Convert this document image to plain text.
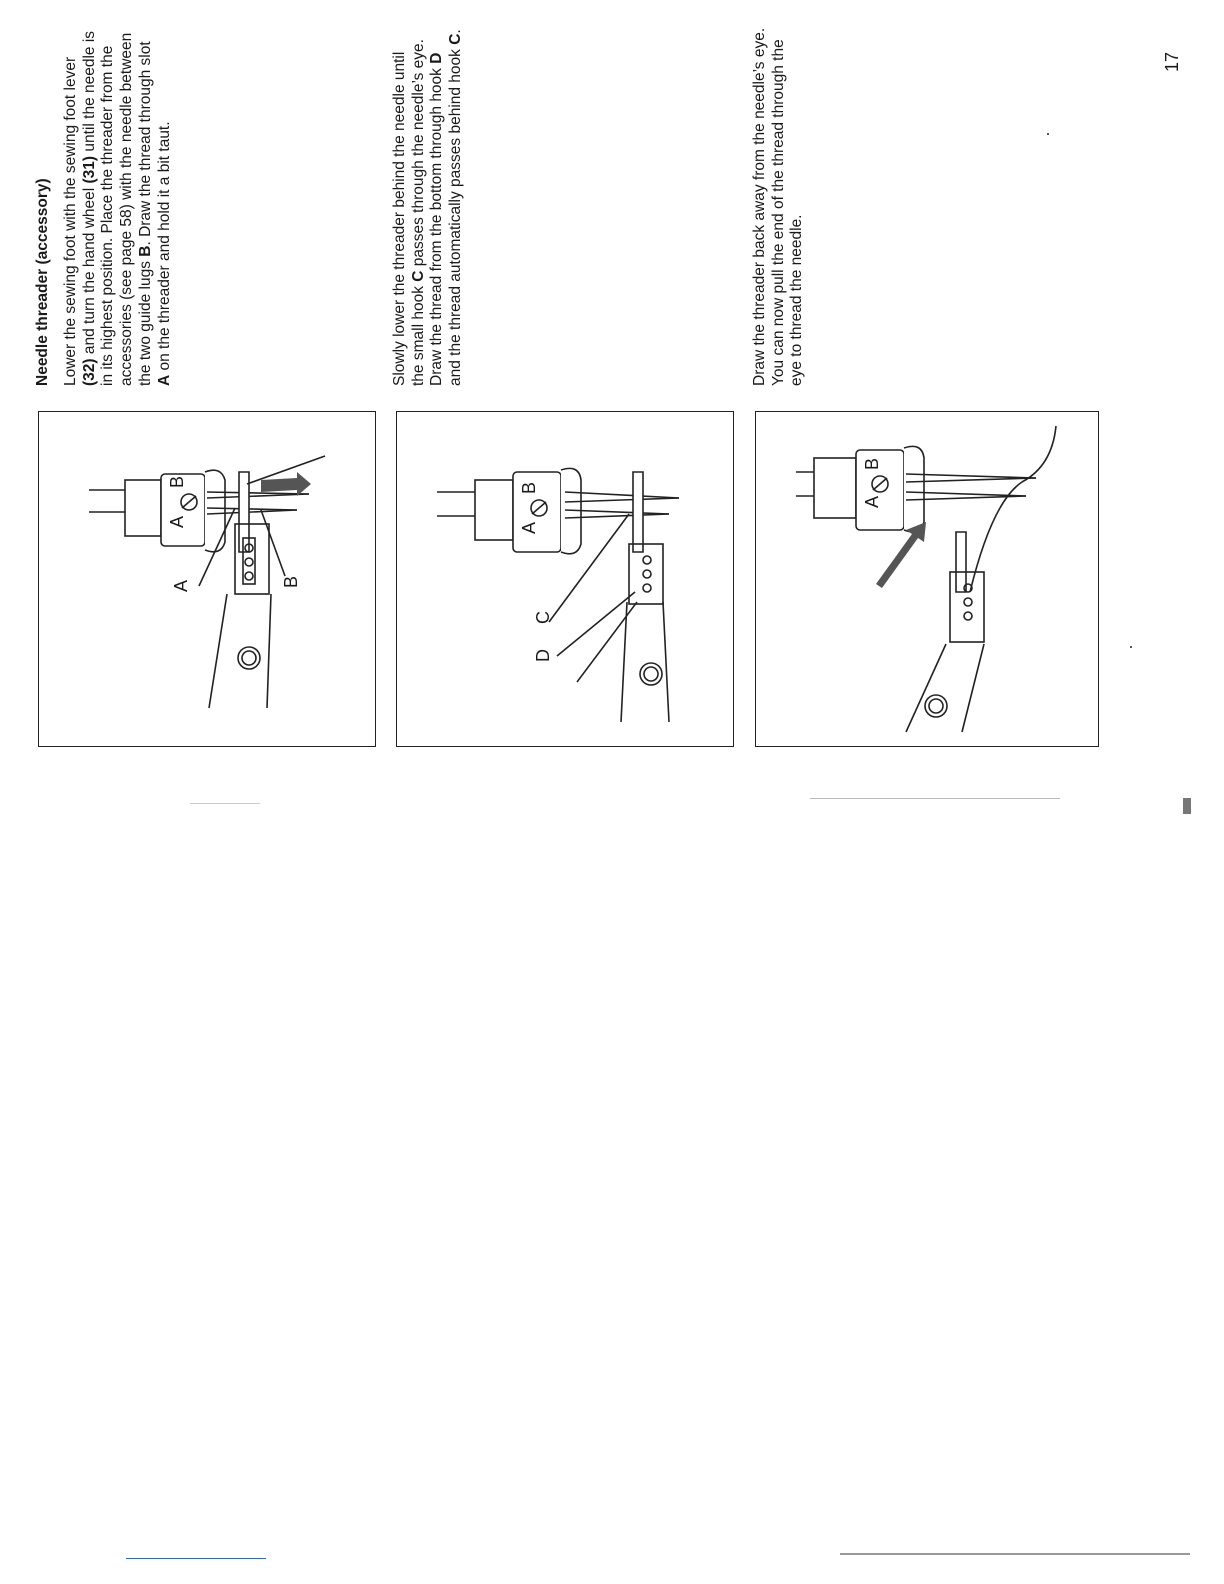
Needle threader (accessory) Lower the sewing foot with the sewing foot lever (32) and turn the hand wheel (31) until the needle is in its highest position. Place the threader from the accessories (see page 58) with the needle between the two guide lugs B. Draw the thread through slot A on the threader and hold it a bit taut.	Slowly lower the threader behind the needle until the small hook C passes through the needle’s eye. Draw the thread from the bottom through hook D and the thread automatically passes behind hook C.	Draw the threader back away from the needle’s eye. You can now pull the end of the thread through the eye to thread the needle.
A	B
A
B
C
D
A
B
A
B
17
